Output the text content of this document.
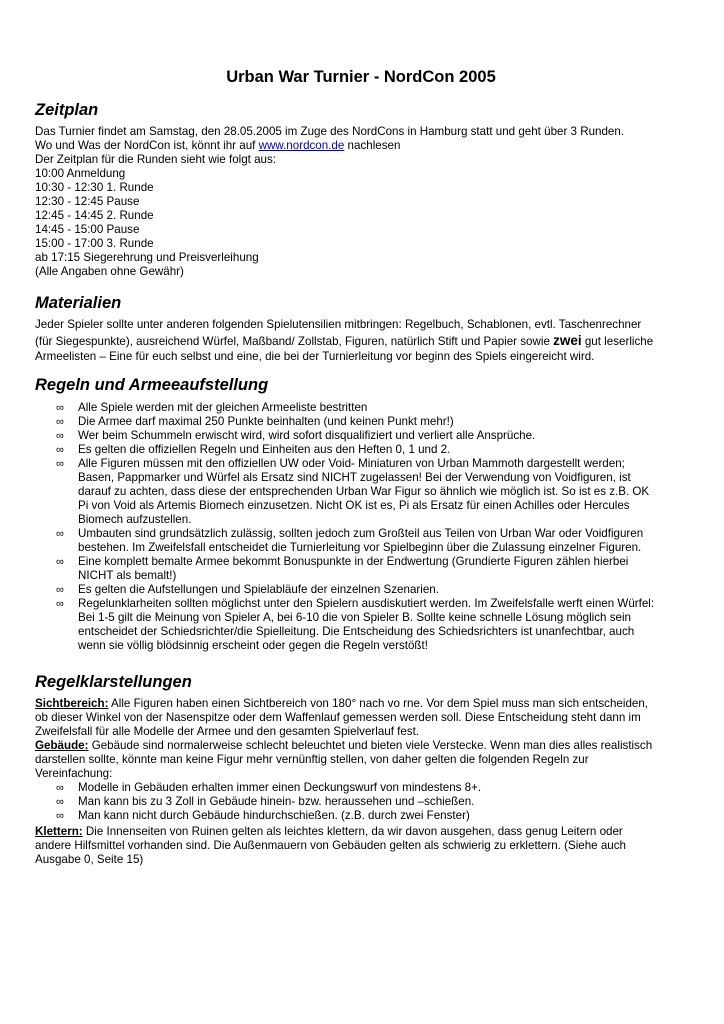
Urban War Turnier - NordCon 2005
Zeitplan
Das Turnier findet am Samstag, den 28.05.2005 im Zuge des NordCons in Hamburg statt und geht über 3 Runden.
Wo und Was der NordCon ist, könnt ihr auf www.nordcon.de nachlesen
Der Zeitplan für die Runden sieht wie folgt aus:
10:00 Anmeldung
10:30 - 12:30 1. Runde
12:30 - 12:45 Pause
12:45 - 14:45 2. Runde
14:45 - 15:00 Pause
15:00 - 17:00 3. Runde
ab 17:15 Siegerehrung und Preisverleihung
(Alle Angaben ohne Gewähr)
Materialien
Jeder Spieler sollte unter anderen folgenden Spielutensilien mitbringen: Regelbuch, Schablonen, evtl. Taschenrechner
(für Siegespunkte), ausreichend Würfel, Maßband/ Zollstab, Figuren, natürlich Stift und Papier sowie zwei gut leserliche
Armeelisten – Eine für euch selbst und eine, die bei der Turnierleitung vor beginn des Spiels eingereicht wird.
Regeln und Armeeaufstellung
∞ Alle Spiele werden mit der gleichen Armeeliste bestritten
∞ Die Armee darf maximal 250 Punkte beinhalten (und keinen Punkt mehr!)
∞ Wer beim Schummeln erwischt wird, wird sofort disqualifiziert und verliert alle Ansprüche.
∞ Es gelten die offiziellen Regeln und Einheiten aus den Heften 0, 1 und 2.
∞ Alle Figuren müssen mit den offiziellen UW oder Void- Miniaturen von Urban Mammoth dargestellt werden;
Basen, Pappmarker und Würfel als Ersatz sind NICHT zugelassen! Bei der Verwendung von Voidfiguren, ist
darauf zu achten, dass diese der entsprechenden Urban War Figur so ähnlich wie möglich ist. So ist es z.B. OK
Pi von Void als Artemis Biomech einzusetzen. Nicht OK ist es, Pi als Ersatz für einen Achilles oder Hercules
Biomech aufzustellen.
∞ Umbauten sind grundsätzlich zulässig, sollten jedoch zum Großteil aus Teilen von Urban War oder Voidfiguren
bestehen. Im Zweifelsfall entscheidet die Turnierleitung vor Spielbeginn über die Zulassung einzelner Figuren.
∞ Eine komplett bemalte Armee bekommt Bonuspunkte in der Endwertung (Grundierte Figuren zählen hierbei
NICHT als bemalt!)
∞ Es gelten die Aufstellungen und Spielabläufe der einzelnen Szenarien.
∞ Regelunklarheiten sollten möglichst unter den Spielern ausdiskutiert werden. Im Zweifelsfalle werft einen Würfel:
Bei 1-5 gilt die Meinung von Spieler A, bei 6-10 die von Spieler B. Sollte keine schnelle Lösung möglich sein
entscheidet der Schiedsrichter/die Spielleitung. Die Entscheidung des Schiedsrichters ist unanfechtbar, auch
wenn sie völlig blödsinnig erscheint oder gegen die Regeln verstößt!
Regelklarstellungen
Sichtbereich: Alle Figuren haben einen Sichtbereich von 180° nach vo rne. Vor dem Spiel muss man sich entscheiden,
ob dieser Winkel von der Nasenspitze oder dem Waffenlauf gemessen werden soll. Diese Entscheidung steht dann im
Zweifelsfall für alle Modelle der Armee und den gesamten Spielverlauf fest.
Gebäude: Gebäude sind normalerweise schlecht beleuchtet und bieten viele Verstecke. Wenn man dies alles realistisch
darstellen sollte, könnte man keine Figur mehr vernünftig stellen, von daher gelten die folgenden Regeln zur
Vereinfachung:
∞ Modelle in Gebäuden erhalten immer einen Deckungswurf von mindestens 8+.
∞ Man kann bis zu 3 Zoll in Gebäude hinein- bzw. heraussehen und –schießen.
∞ Man kann nicht durch Gebäude hindurchschießen. (z.B. durch zwei Fenster)
Klettern: Die Innenseiten von Ruinen gelten als leichtes klettern, da wir davon ausgehen, dass genug Leitern oder
andere Hilfsmittel vorhanden sind. Die Außenmauern von Gebäuden gelten als schwierig zu erklettern. (Siehe auch
Ausgabe 0, Seite 15)
